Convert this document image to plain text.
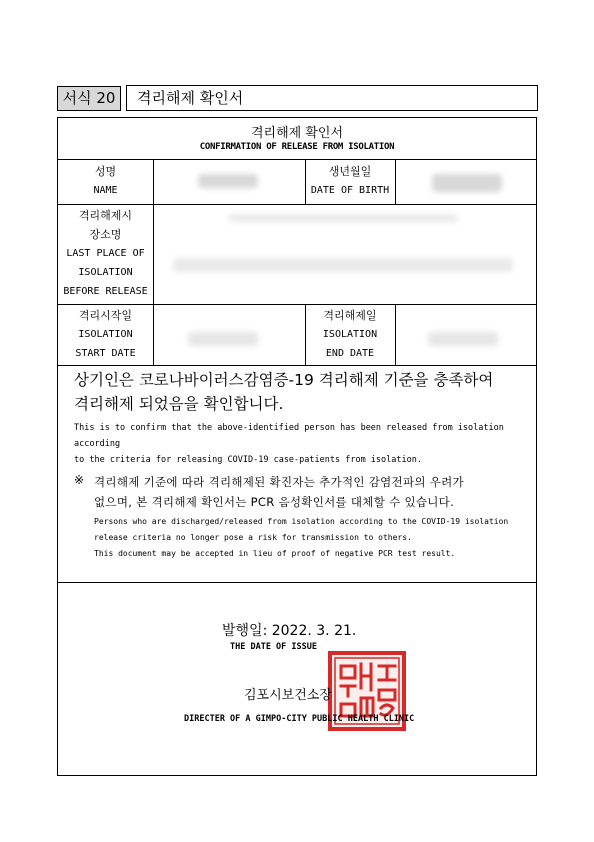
서식 20	격리해제 확인서
격리해제 확인서
CONFIRMATION OF RELEASE FROM ISOLATION
성명
NAME
생년월일
DATE OF BIRTH
격리해제시
장소명
LAST PLACE OF
ISOLATION
BEFORE RELEASE
격리시작일
ISOLATION
START DATE
격리해제일
ISOLATION
END DATE
상기인은 코로나바이러스감염증-19 격리해제 기준을 충족하여
격리해제 되었음을 확인합니다.
This is to confirm that the above-identified person has been released from isolation according
to the criteria for releasing COVID-19 case-patients from isolation.
※ 격리해제 기준에 따라 격리해제된 확진자는 추가적인 감염전파의 우려가
없으며, 본 격리해제 확인서는 PCR 음성확인서를 대체할 수 있습니다.
Persons who are discharged/released from isolation according to the COVID-19 isolation
release criteria no longer pose a risk for transmission to others.
This document may be accepted in lieu of proof of negative PCR test result.
발행일: 2022. 3. 21.
THE DATE OF ISSUE
김포시보건소장
DIRECTER OF A GIMPO-CITY PUBLIC HEALTH CLINIC
